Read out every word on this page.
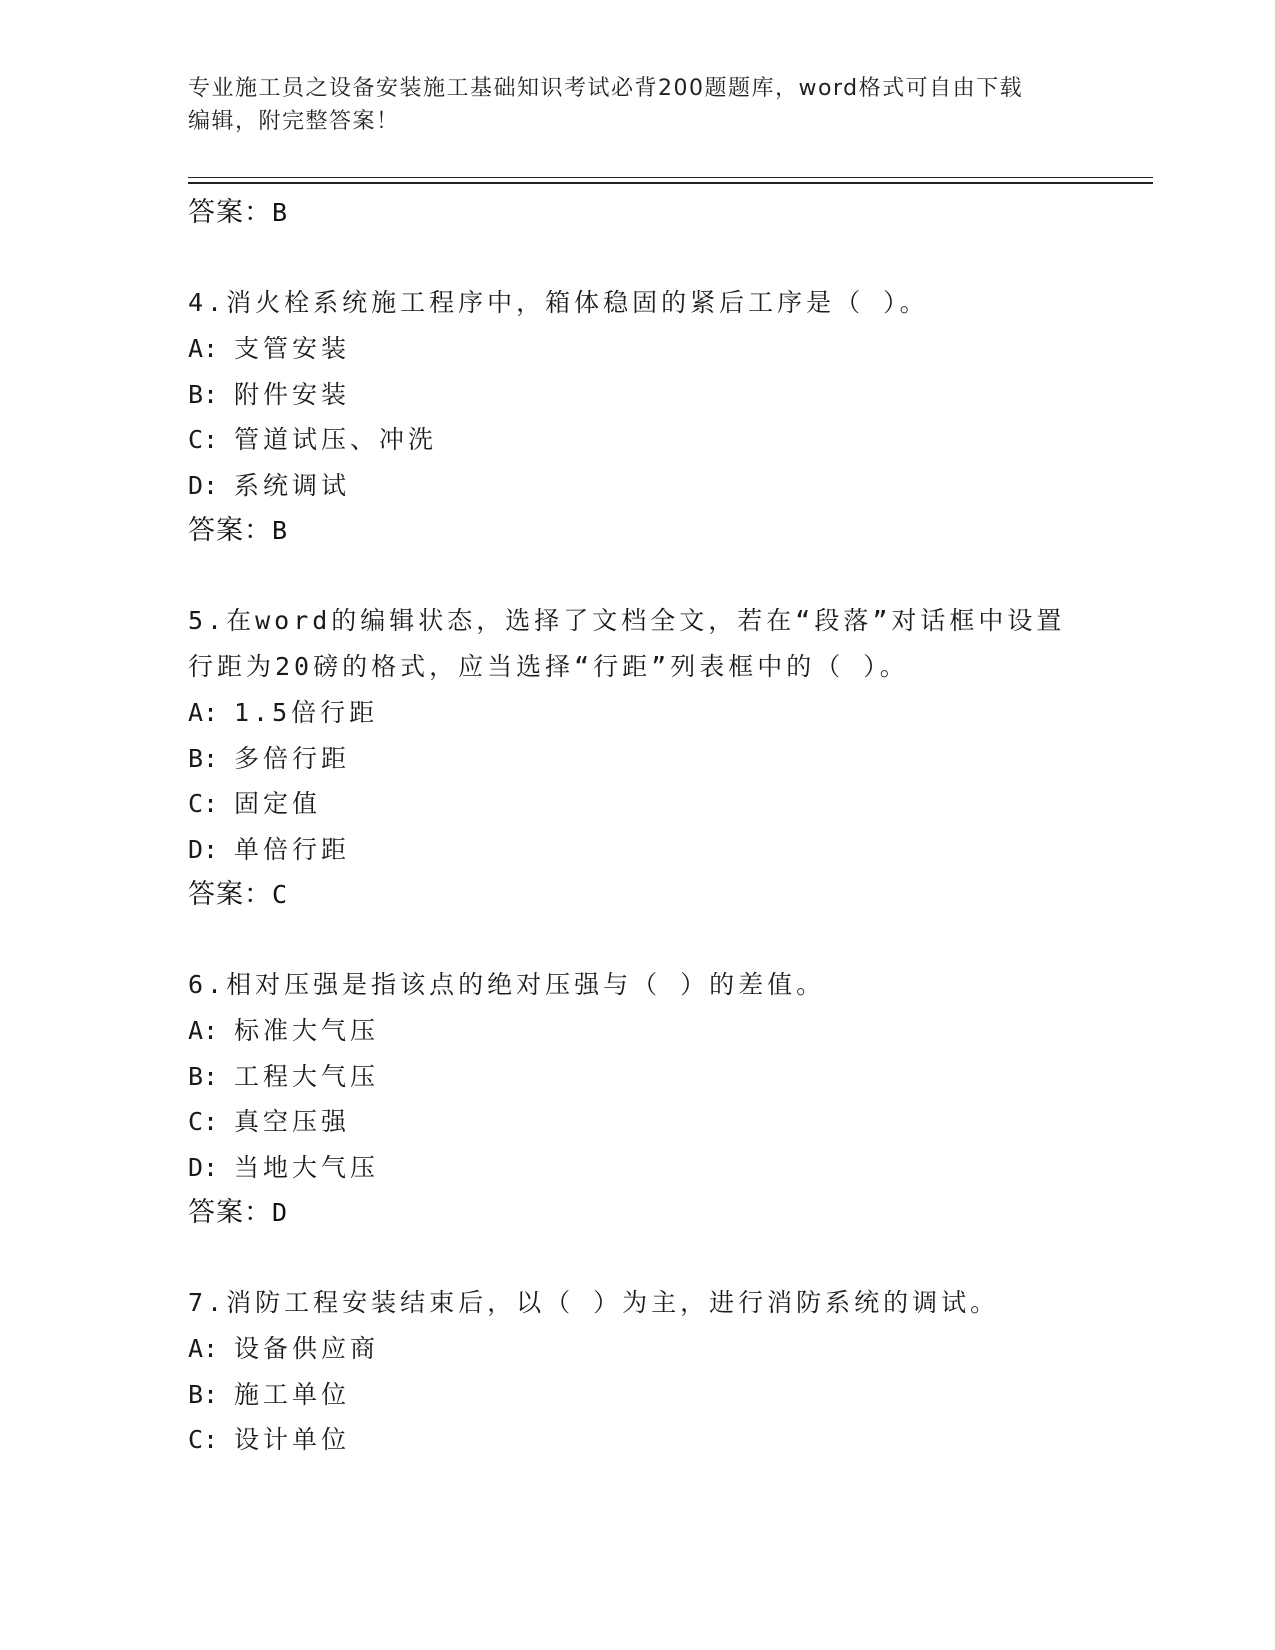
专业施工员之设备安装施工基础知识考试必背200题题库，word格式可自由下载
编辑，附完整答案！
答案：B
4.消火栓系统施工程序中，箱体稳固的紧后工序是（ ）。
A: 支管安装
B: 附件安装
C: 管道试压、冲洗
D: 系统调试
答案：B
5.在word的编辑状态，选择了文档全文，若在“段落”对话框中设置
行距为20磅的格式，应当选择“行距”列表框中的（ ）。
A: 1.5倍行距
B: 多倍行距
C: 固定值
D: 单倍行距
答案：C
6.相对压强是指该点的绝对压强与（ ）的差值。
A: 标准大气压
B: 工程大气压
C: 真空压强
D: 当地大气压
答案：D
7.消防工程安装结束后，以（ ）为主，进行消防系统的调试。
A: 设备供应商
B: 施工单位
C: 设计单位
